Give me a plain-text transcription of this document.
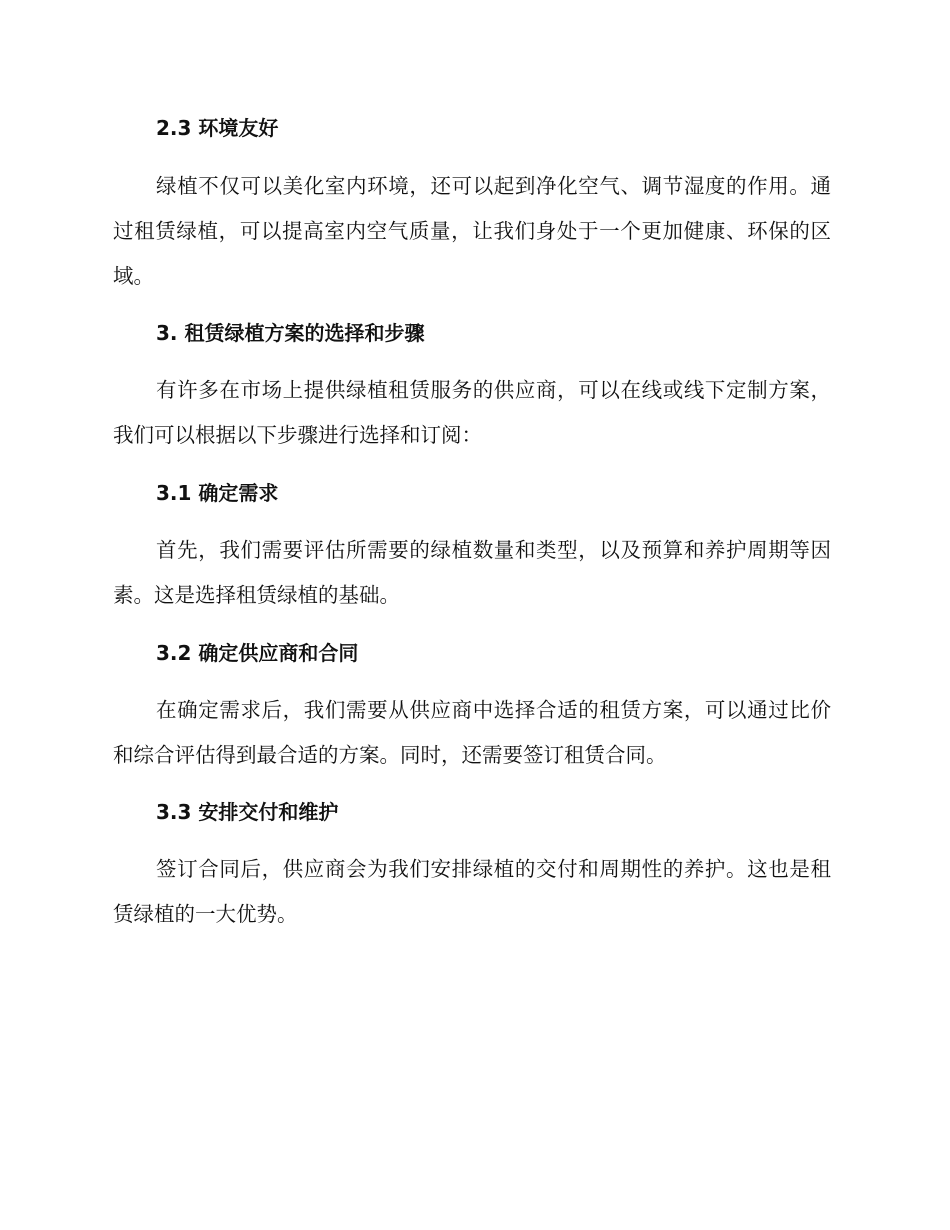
2.3 环境友好
绿植不仅可以美化室内环境，还可以起到净化空气、调节湿度的作用。通过租赁绿植，可以提高室内空气质量，让我们身处于一个更加健康、环保的区域。
3. 租赁绿植方案的选择和步骤
有许多在市场上提供绿植租赁服务的供应商，可以在线或线下定制方案，我们可以根据以下步骤进行选择和订阅：
3.1 确定需求
首先，我们需要评估所需要的绿植数量和类型，以及预算和养护周期等因素。这是选择租赁绿植的基础。
3.2 确定供应商和合同
在确定需求后，我们需要从供应商中选择合适的租赁方案，可以通过比价和综合评估得到最合适的方案。同时，还需要签订租赁合同。
3.3 安排交付和维护
签订合同后，供应商会为我们安排绿植的交付和周期性的养护。这也是租赁绿植的一大优势。
